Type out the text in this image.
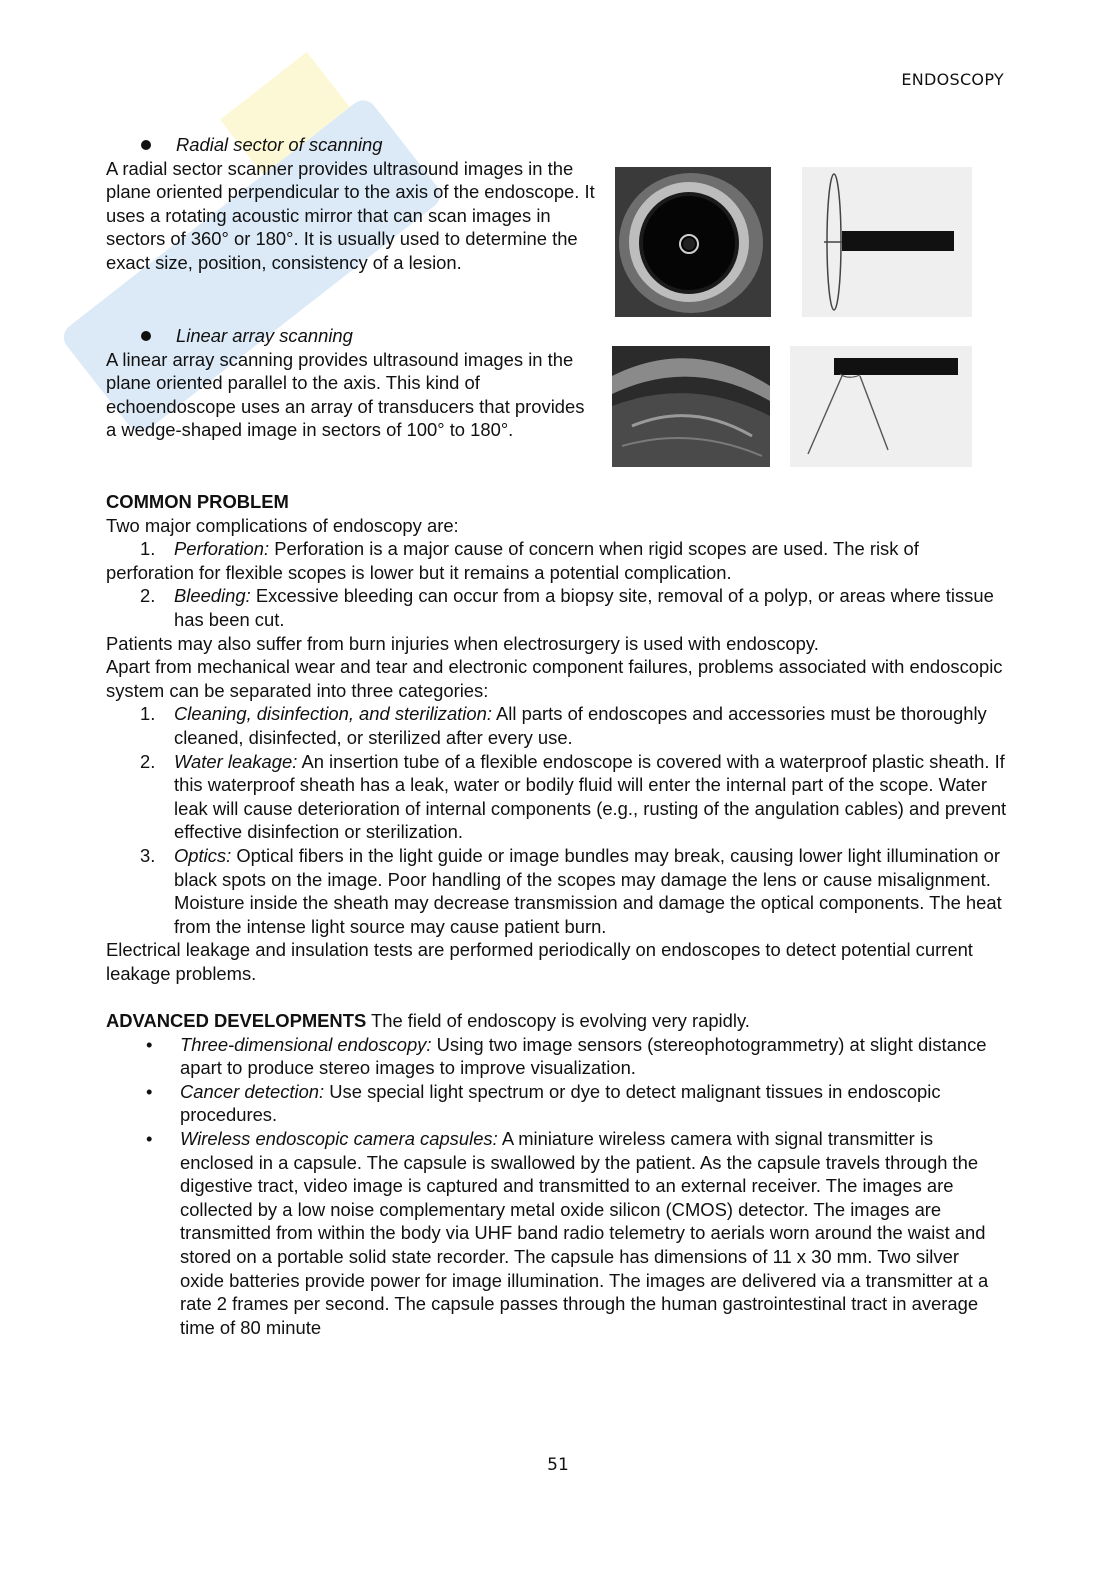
ENDOSCOPY
Radial sector of scanning
A radial sector scanner provides ultrasound images in the plane oriented perpendicular to the axis of the endoscope. It uses a rotating acoustic mirror that can scan images in sectors of 360° or 180°. It is usually used to determine the exact size, position, consistency of a lesion.
Linear array scanning
A linear array scanning provides ultrasound images in the plane oriented parallel to the axis. This kind of echoendoscope uses an array of transducers that provides a wedge-shaped image in sectors of 100° to 180°.
COMMON PROBLEM
Two major complications of endoscopy are:
1. Perforation: Perforation is a major cause of concern when rigid scopes are used. The risk of
perforation for flexible scopes is lower but it remains a potential complication.
2. Bleeding: Excessive bleeding can occur from a biopsy site, removal of a polyp, or areas where tissue has been cut.
Patients may also suffer from burn injuries when electrosurgery is used with endoscopy.
Apart from mechanical wear and tear and electronic component failures, problems associated with endoscopic system can be separated into three categories:
1. Cleaning, disinfection, and sterilization: All parts of endoscopes and accessories must be thoroughly cleaned, disinfected, or sterilized after every use.
2. Water leakage: An insertion tube of a flexible endoscope is covered with a waterproof plastic sheath. If this waterproof sheath has a leak, water or bodily fluid will enter the internal part of the scope. Water leak will cause deterioration of internal components (e.g., rusting of the angulation cables) and prevent effective disinfection or sterilization.
3. Optics: Optical fibers in the light guide or image bundles may break, causing lower light illumination or black spots on the image. Poor handling of the scopes may damage the lens or cause misalignment. Moisture inside the sheath may decrease transmission and damage the optical components. The heat from the intense light source may cause patient burn.
Electrical leakage and insulation tests are performed periodically on endoscopes to detect potential current leakage problems.
ADVANCED DEVELOPMENTS The field of endoscopy is evolving very rapidly.
• Three-dimensional endoscopy: Using two image sensors (stereophotogrammetry) at slight distance apart to produce stereo images to improve visualization.
• Cancer detection: Use special light spectrum or dye to detect malignant tissues in endoscopic procedures.
• Wireless endoscopic camera capsules: A miniature wireless camera with signal transmitter is enclosed in a capsule. The capsule is swallowed by the patient. As the capsule travels through the digestive tract, video image is captured and transmitted to an external receiver. The images are collected by a low noise complementary metal oxide silicon (CMOS) detector. The images are transmitted from within the body via UHF band radio telemetry to aerials worn around the waist and stored on a portable solid state recorder. The capsule has dimensions of 11 x 30 mm. Two silver oxide batteries provide power for image illumination. The images are delivered via a transmitter at a rate 2 frames per second. The capsule passes through the human gastrointestinal tract in average time of 80 minute
51
